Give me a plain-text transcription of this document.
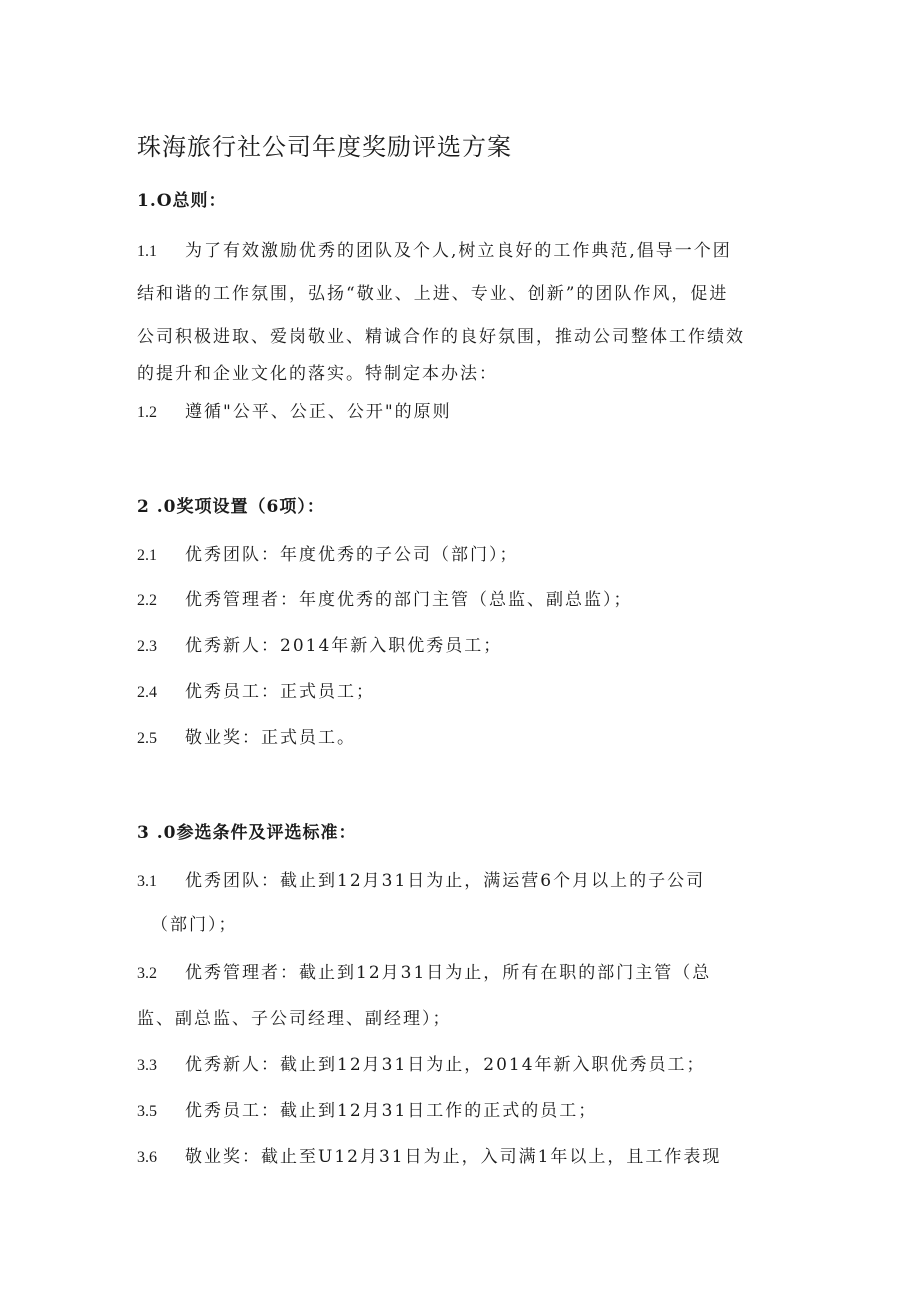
珠海旅行社公司年度奖励评选方案
1.O总则：
1.1 为了有效激励优秀的团队及个人,树立良好的工作典范,倡导一个团
结和谐的工作氛围，弘扬“敬业、上进、专业、创新”的团队作风，促进
公司积极进取、爱岗敬业、精诚合作的良好氛围，推动公司整体工作绩效
的提升和企业文化的落实。特制定本办法：
1.2 遵循"公平、公正、公开"的原则
2 .0奖项设置（6项）：
2.1 优秀团队：年度优秀的子公司（部门）；
2.2 优秀管理者：年度优秀的部门主管（总监、副总监）；
2.3 优秀新人：2014年新入职优秀员工；
2.4 优秀员工：正式员工；
2.5 敬业奖：正式员工。
3 .0参选条件及评选标准：
3.1 优秀团队：截止到12月31日为止，满运营6个月以上的子公司
（部门）；
3.2 优秀管理者：截止到12月31日为止，所有在职的部门主管（总
监、副总监、子公司经理、副经理）；
3.3 优秀新人：截止到12月31日为止，2014年新入职优秀员工；
3.5 优秀员工：截止到12月31日工作的正式的员工；
3.6 敬业奖：截止至U12月31日为止，入司满1年以上，且工作表现
